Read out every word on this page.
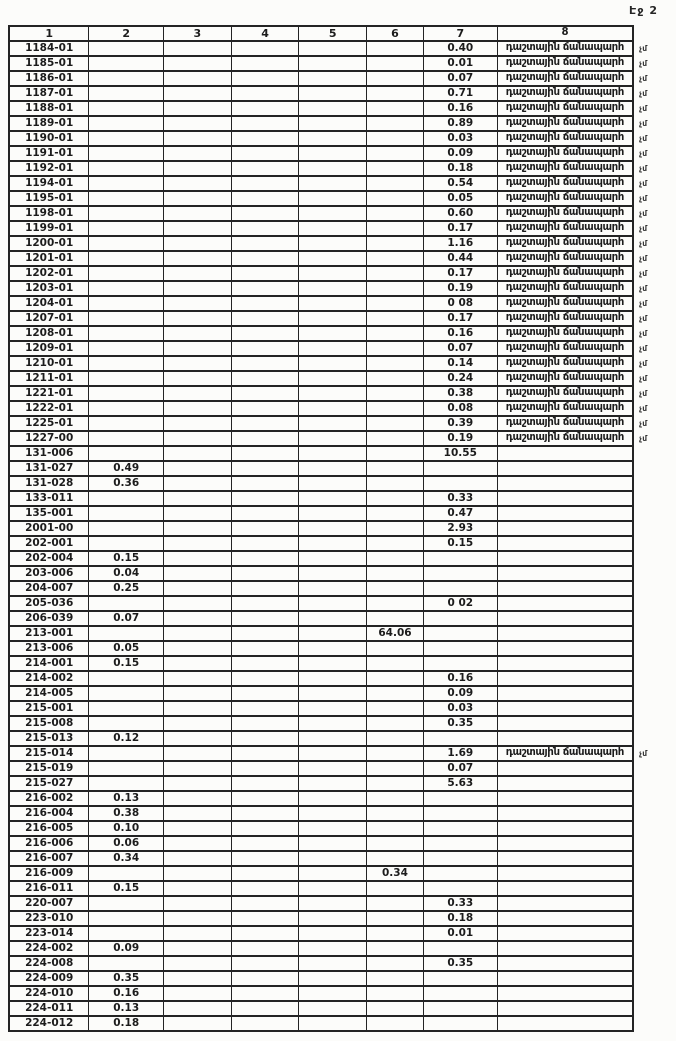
Էջ 2
1	2	3	4	5	6	7	8	
1184-01						0.40	դաշտային ճանապարհ	չմ
1185-01						0.01	դաշտային ճանապարհ	չմ
1186-01						0.07	դաշտային ճանապարհ	չմ
1187-01						0.71	դաշտային ճանապարհ	չմ
1188-01						0.16	դաշտային ճանապարհ	չմ
1189-01						0.89	դաշտային ճանապարհ	չմ
1190-01						0.03	դաշտային ճանապարհ	չմ
1191-01						0.09	դաշտային ճանապարհ	չմ
1192-01						0.18	դաշտային ճանապարհ	չմ
1194-01						0.54	դաշտային ճանապարհ	չմ
1195-01						0.05	դաշտային ճանապարհ	չմ
1198-01						0.60	դաշտային ճանապարհ	չմ
1199-01						0.17	դաշտային ճանապարհ	չմ
1200-01						1.16	դաշտային ճանապարհ	չմ
1201-01						0.44	դաշտային ճանապարհ	չմ
1202-01						0.17	դաշտային ճանապարհ	չմ
1203-01						0.19	դաշտային ճանապարհ	չմ
1204-01						0 08	դաշտային ճանապարհ	չմ
1207-01						0.17	դաշտային ճանապարհ	չմ
1208-01						0.16	դաշտային ճանապարհ	չմ
1209-01						0.07	դաշտային ճանապարհ	չմ
1210-01						0.14	դաշտային ճանապարհ	չմ
1211-01						0.24	դաշտային ճանապարհ	չմ
1221-01						0.38	դաշտային ճանապարհ	չմ
1222-01						0.08	դաշտային ճանապարհ	չմ
1225-01						0.39	դաշտային ճանապարհ	չմ
1227-00						0.19	դաշտային ճանապարհ	չմ
131-006						10.55		
131-027	0.49							
131-028	0.36							
133-011						0.33		
135-001						0.47		
2001-00						2.93		
202-001						0.15		
202-004	0.15							
203-006	0.04							
204-007	0.25							
205-036						0 02		
206-039	0.07							
213-001					64.06			
213-006	0.05							
214-001	0.15							
214-002						0.16		
214-005						0.09		
215-001						0.03		
215-008						0.35		
215-013	0.12							
215-014						1.69	դաշտային ճանապարհ	չմ
215-019						0.07		
215-027						5.63		
216-002	0.13							
216-004	0.38							
216-005	0.10							
216-006	0.06							
216-007	0.34							
216-009					0.34			
216-011	0.15							
220-007						0.33		
223-010						0.18		
223-014						0.01		
224-002	0.09							
224-008						0.35		
224-009	0.35							
224-010	0.16							
224-011	0.13							
224-012	0.18							
